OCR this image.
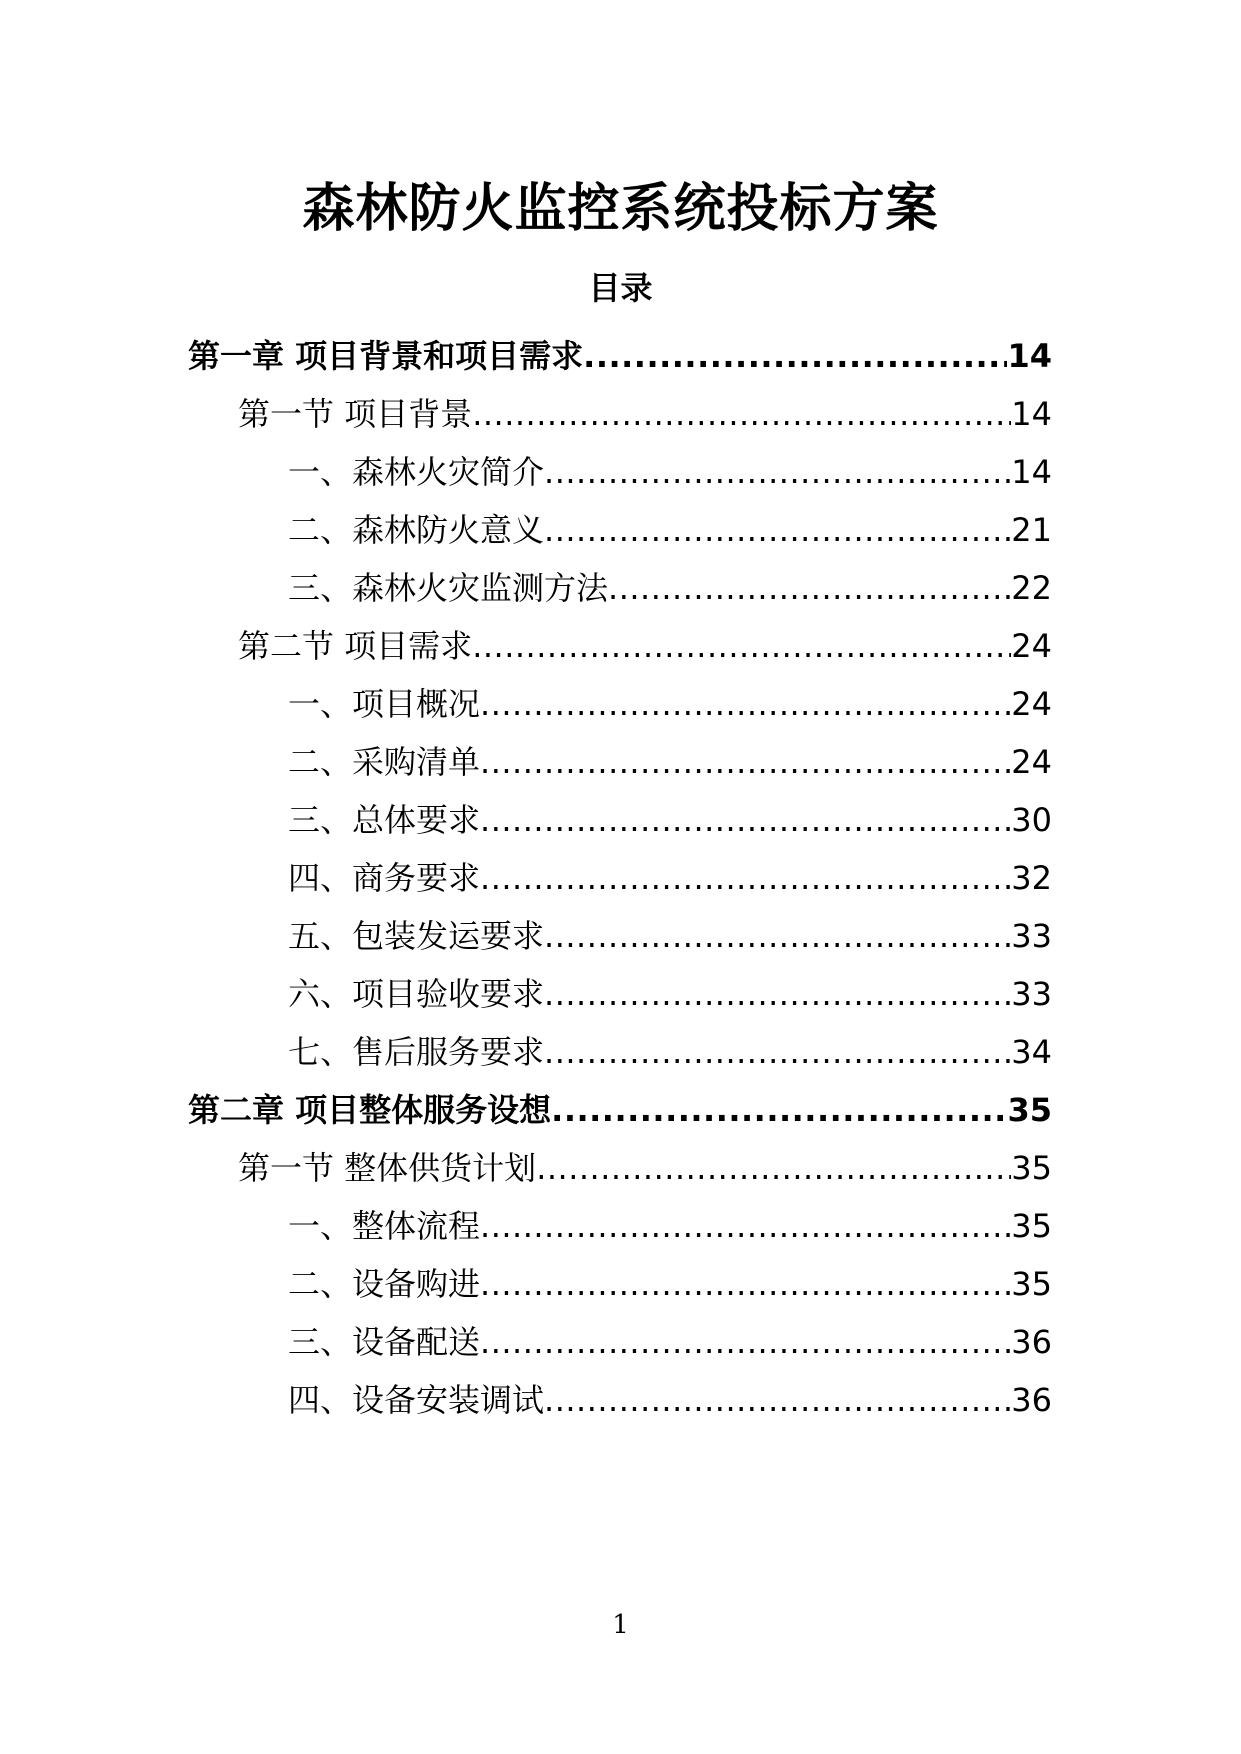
森林防火监控系统投标方案
目录
第一章 项目背景和项目需求 .....	14
第一节 项目背景 .....	14
一、森林火灾简介 .....	14
二、森林防火意义 .....	21
三、森林火灾监测方法 .....	22
第二节 项目需求 .....	24
一、项目概况 .....	24
二、采购清单 .....	24
三、总体要求 .....	30
四、商务要求 .....	32
五、包装发运要求 .....	33
六、项目验收要求 .....	33
七、售后服务要求 .....	34
第二章 项目整体服务设想 .....	35
第一节 整体供货计划 .....	35
一、整体流程 .....	35
二、设备购进 .....	35
三、设备配送 .....	36
四、设备安装调试 .....	36
1
